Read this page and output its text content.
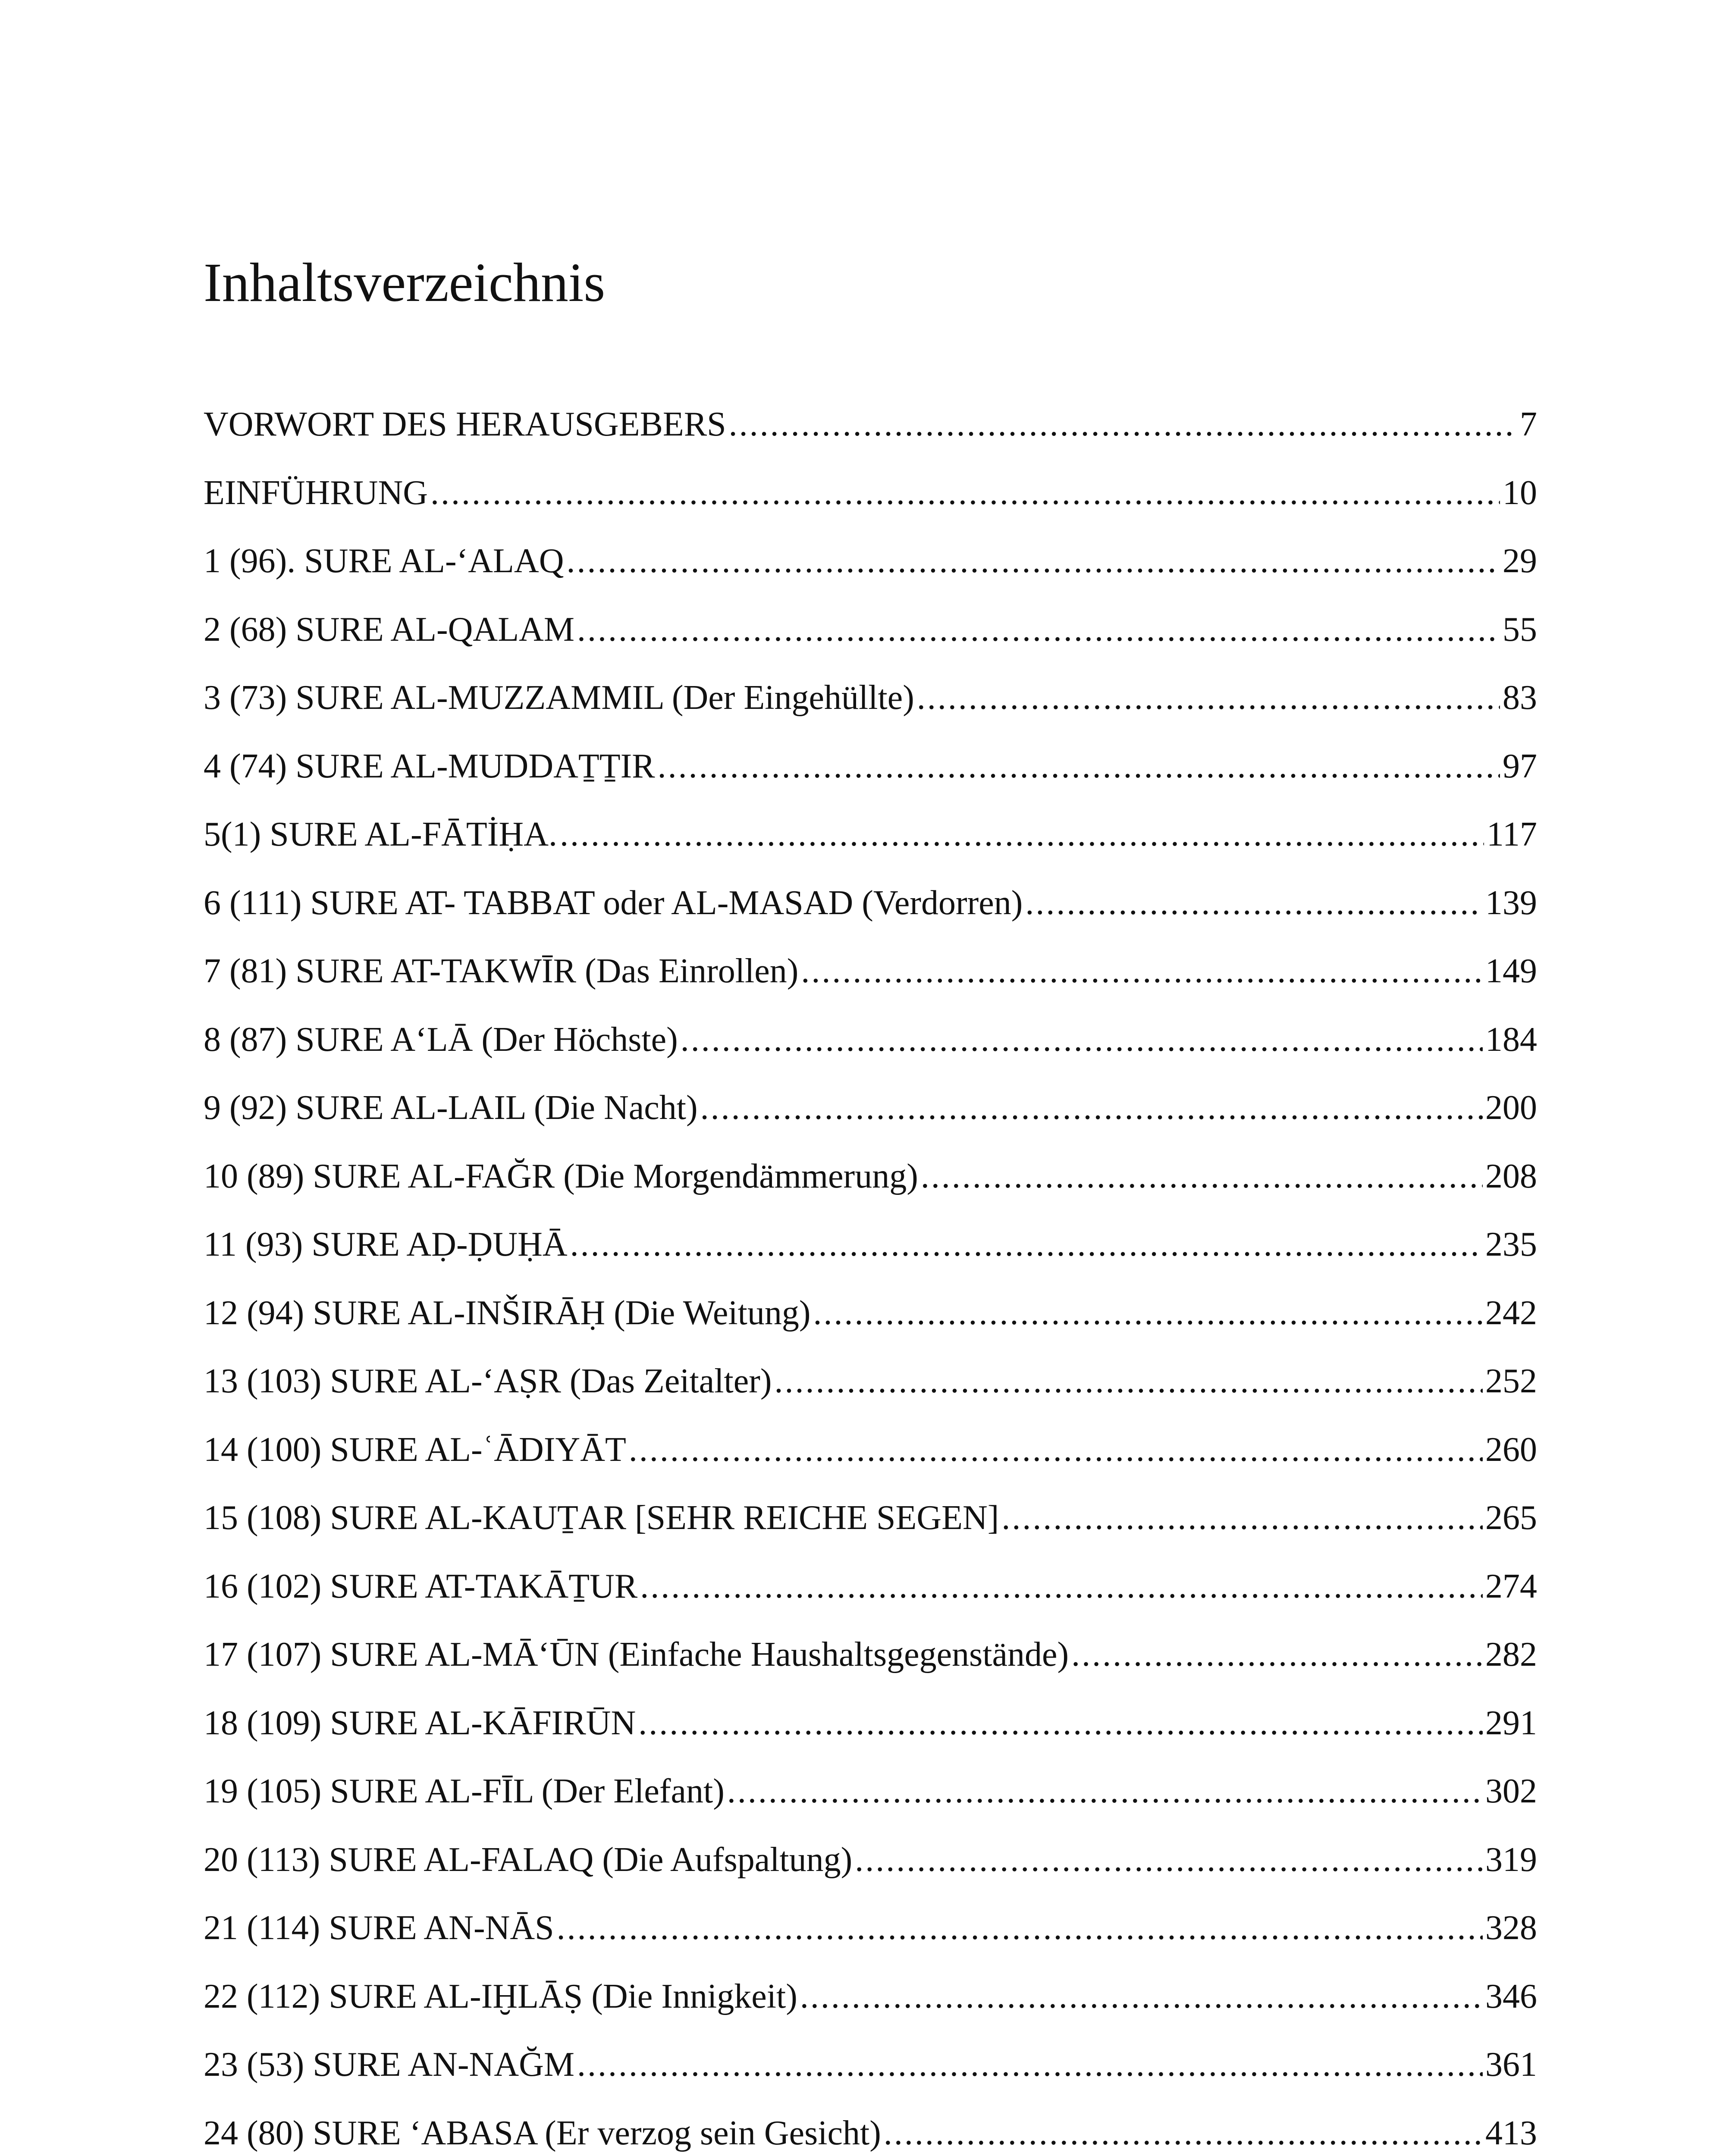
Inhaltsverzeichnis
VORWORT DES HERAUSGEBERS .....	7
EINFÜHRUNG .....	10
1 (96). SURE AL-‘ALAQ .....	29
2 (68) SURE AL-QALAM .....	55
3 (73) SURE AL-MUZZAMMIL (Der Eingehüllte) .....	83
4 (74) SURE AL-MUDDAṮṮIR .....	97
5(1) SURE AL-FĀTİḤA. .....	117
6 (111) SURE AT- TABBAT oder AL-MASAD (Verdorren) .....	139
7 (81) SURE AT-TAKWĪR (Das Einrollen) .....	149
8 (87) SURE A‘LĀ (Der Höchste) .....	184
9 (92) SURE AL-LAIL (Die Nacht) .....	200
10 (89) SURE AL-FAĞR (Die Morgendämmerung) .....	208
11 (93) SURE AḌ-ḌUḤĀ .....	235
12 (94) SURE AL-INŠIRĀḤ (Die Weitung) .....	242
13 (103) SURE AL-‘AṢR (Das Zeitalter) .....	252
14 (100) SURE AL-ʿĀDIYĀT .....	260
15 (108) SURE AL-KAUṮAR [SEHR REICHE SEGEN] .....	265
16 (102) SURE AT-TAKĀṮUR .....	274
17 (107) SURE AL-MĀ‘ŪN (Einfache Haushaltsgegenstände) .....	282
18 (109) SURE AL-KĀFIRŪN .....	291
19 (105) SURE AL-FĪL (Der Elefant) .....	302
20 (113) SURE AL-FALAQ (Die Aufspaltung) .....	319
21 (114) SURE AN-NĀS .....	328
22 (112) SURE AL-IḪLĀṢ (Die Innigkeit) .....	346
23 (53) SURE AN-NAĞM .....	361
24 (80) SURE ‘ABASA (Er verzog sein Gesicht) .....	413
